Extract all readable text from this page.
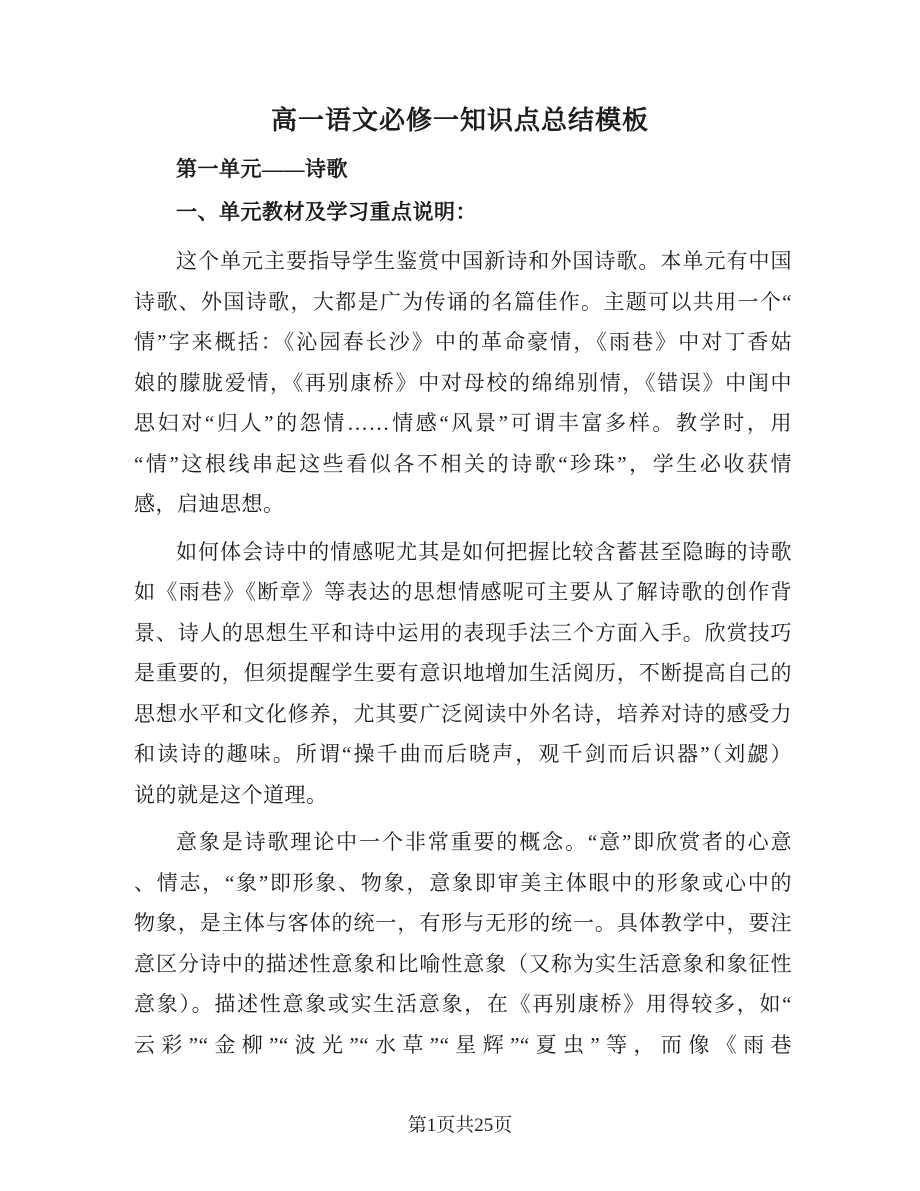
高一语文必修一知识点总结模板
第一单元——诗歌
一、单元教材及学习重点说明：
这个单元主要指导学生鉴赏中国新诗和外国诗歌。本单元有中国
诗歌、外国诗歌，大都是广为传诵的名篇佳作。主题可以共用一个“
情”字来概括：《沁园春长沙》中的革命豪情，《雨巷》中对丁香姑
娘的朦胧爱情，《再别康桥》中对母校的绵绵别情，《错误》中闺中
思妇对“归人”的怨情……情感“风景”可谓丰富多样。教学时，用
“情”这根线串起这些看似各不相关的诗歌“珍珠”，学生必收获情
感，启迪思想。
如何体会诗中的情感呢尤其是如何把握比较含蓄甚至隐晦的诗歌
如《雨巷》《断章》等表达的思想情感呢可主要从了解诗歌的创作背
景、诗人的思想生平和诗中运用的表现手法三个方面入手。欣赏技巧
是重要的，但须提醒学生要有意识地增加生活阅历，不断提高自己的
思想水平和文化修养，尤其要广泛阅读中外名诗，培养对诗的感受力
和读诗的趣味。所谓“操千曲而后晓声，观千剑而后识器”（刘勰）
说的就是这个道理。
意象是诗歌理论中一个非常重要的概念。“意”即欣赏者的心意
、情志，“象”即形象、物象，意象即审美主体眼中的形象或心中的
物象，是主体与客体的统一，有形与无形的统一。具体教学中，要注
意区分诗中的描述性意象和比喻性意象（又称为实生活意象和象征性
意象）。描述性意象或实生活意象，在《再别康桥》用得较多，如“
云彩”“金柳”“波光”“水草”“星辉”“夏虫”等，而像《雨巷
第1页共25页
